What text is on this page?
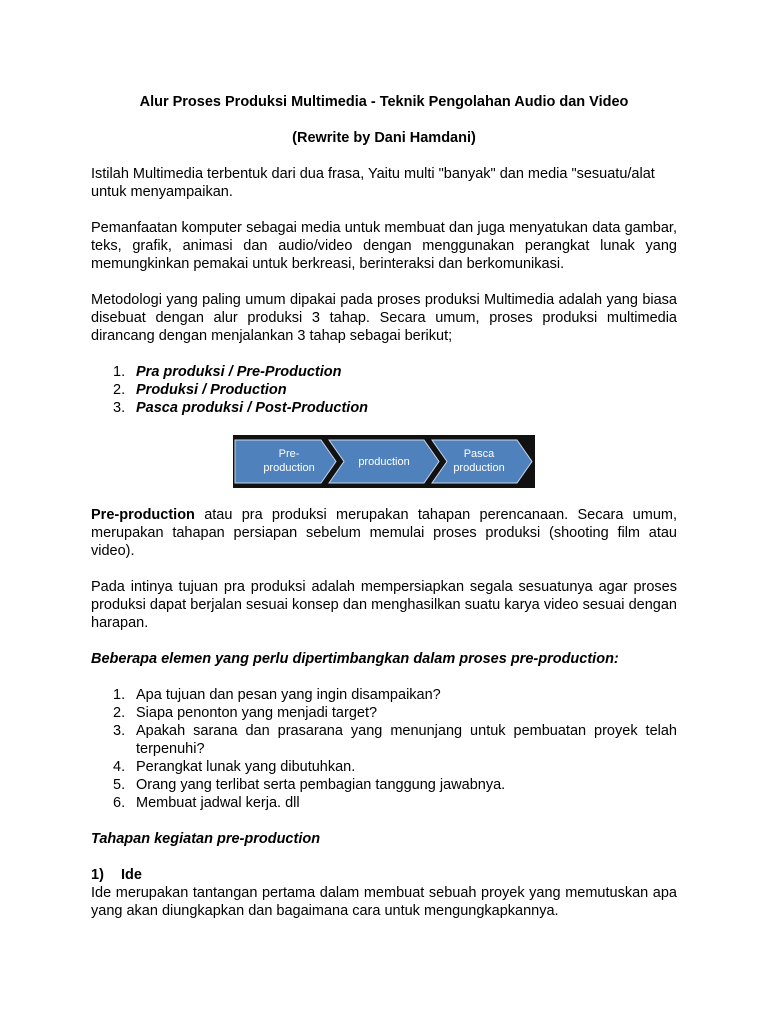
Alur Proses Produksi Multimedia - Teknik Pengolahan Audio dan Video

(Rewrite by Dani Hamdani)

Istilah Multimedia terbentuk dari dua frasa, Yaitu multi "banyak" dan media "sesuatu/alat untuk menyampaikan.

Pemanfaatan komputer sebagai media untuk membuat dan juga menyatukan data gambar, teks, grafik, animasi dan audio/video dengan menggunakan perangkat lunak yang memungkinkan pemakai untuk berkreasi, berinteraksi dan berkomunikasi.

Metodologi yang paling umum dipakai pada proses produksi Multimedia adalah yang biasa disebuat dengan alur produksi 3 tahap. Secara umum, proses produksi multimedia dirancang dengan menjalankan 3 tahap sebagai berikut;

1. Pra produksi / Pre-Production
2. Produksi / Production
3. Pasca produksi / Post-Production
Pre-
production	production
Pasca
production

Pre-production atau pra produksi merupakan tahapan perencanaan. Secara umum, merupakan tahapan persiapan sebelum memulai proses produksi (shooting film atau video).

Pada intinya tujuan pra produksi adalah mempersiapkan segala sesuatunya agar proses produksi dapat berjalan sesuai konsep dan menghasilkan suatu karya video sesuai dengan harapan.

Beberapa elemen yang perlu dipertimbangkan dalam proses pre-production:

1. Apa tujuan dan pesan yang ingin disampaikan?
2. Siapa penonton yang menjadi target?
3. Apakah sarana dan prasarana yang menunjang untuk pembuatan proyek telah terpenuhi?
4. Perangkat lunak yang dibutuhkan.
5. Orang yang terlibat serta pembagian tanggung jawabnya.
6. Membuat jadwal kerja. dll

Tahapan kegiatan pre-production

1) Ide

Ide merupakan tantangan pertama dalam membuat sebuah proyek yang memutuskan apa yang akan diungkapkan dan bagaimana cara untuk mengungkapkannya.
